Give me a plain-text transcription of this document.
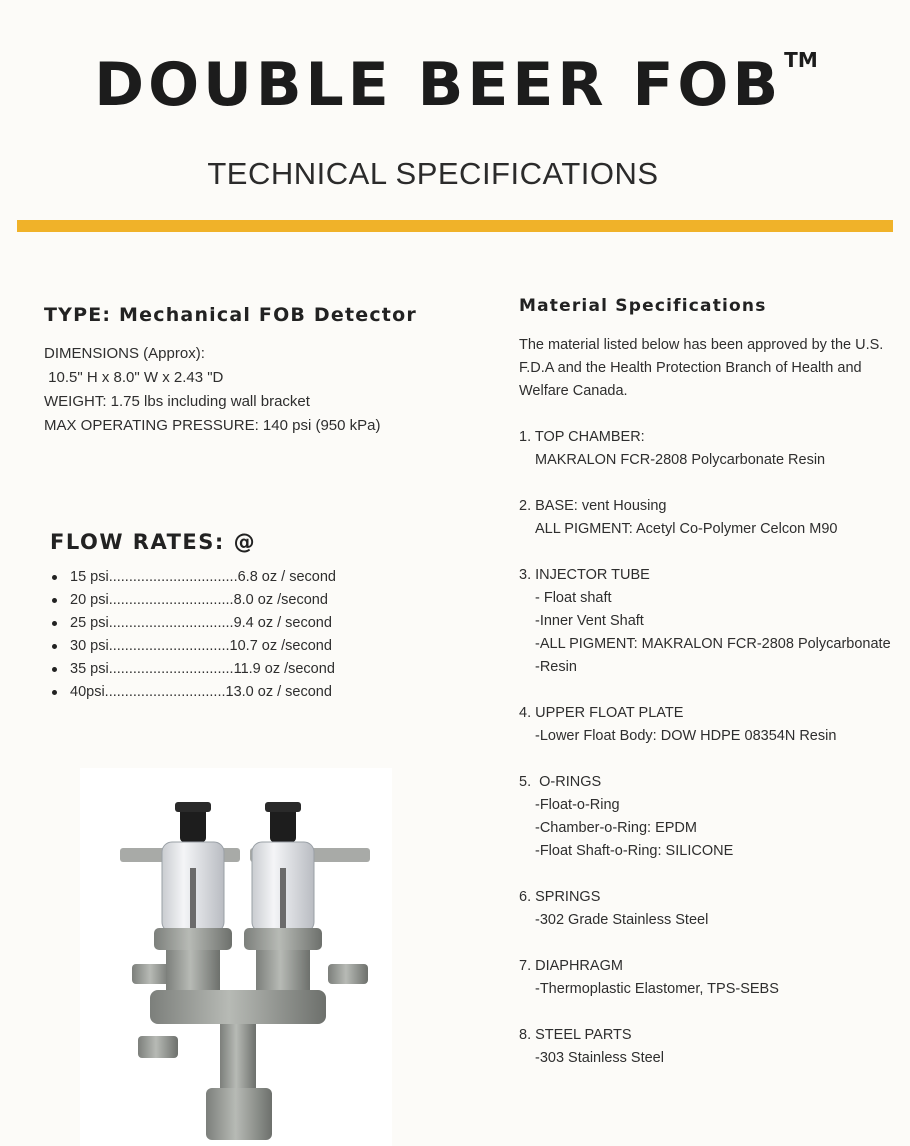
DOUBLE BEER FOB ™
TECHNICAL SPECIFICATIONS
TYPE: Mechanical FOB Detector
DIMENSIONS (Approx):
10.5" H x 8.0" W x 2.43 "D
WEIGHT: 1.75 lbs including wall bracket
MAX OPERATING PRESSURE: 140 psi (950 kPa)
FLOW RATES: @
15 psi................................6.8 oz / second
20 psi...............................8.0 oz /second
25 psi...............................9.4 oz / second
30 psi..............................10.7 oz /second
35 psi...............................11.9 oz /second
40psi..............................13.0 oz / second
Material Specifications
The material listed below has been approved by the U.S. F.D.A and the Health Protection Branch of Health and Welfare Canada.
1. TOP CHAMBER:
MAKRALON FCR-2808 Polycarbonate Resin
2. BASE: vent Housing
ALL PIGMENT: Acetyl Co-Polymer Celcon M90
3. INJECTOR TUBE
- Float shaft
-Inner Vent Shaft
-ALL PIGMENT: MAKRALON FCR-2808 Polycarbonate
-Resin
4. UPPER FLOAT PLATE
-Lower Float Body: DOW HDPE 08354N Resin
5.  O-RINGS
-Float-o-Ring
-Chamber-o-Ring: EPDM
-Float Shaft-o-Ring: SILICONE
6. SPRINGS
-302 Grade Stainless Steel
7. DIAPHRAGM
-Thermoplastic Elastomer, TPS-SEBS
8. STEEL PARTS
-303 Stainless Steel
